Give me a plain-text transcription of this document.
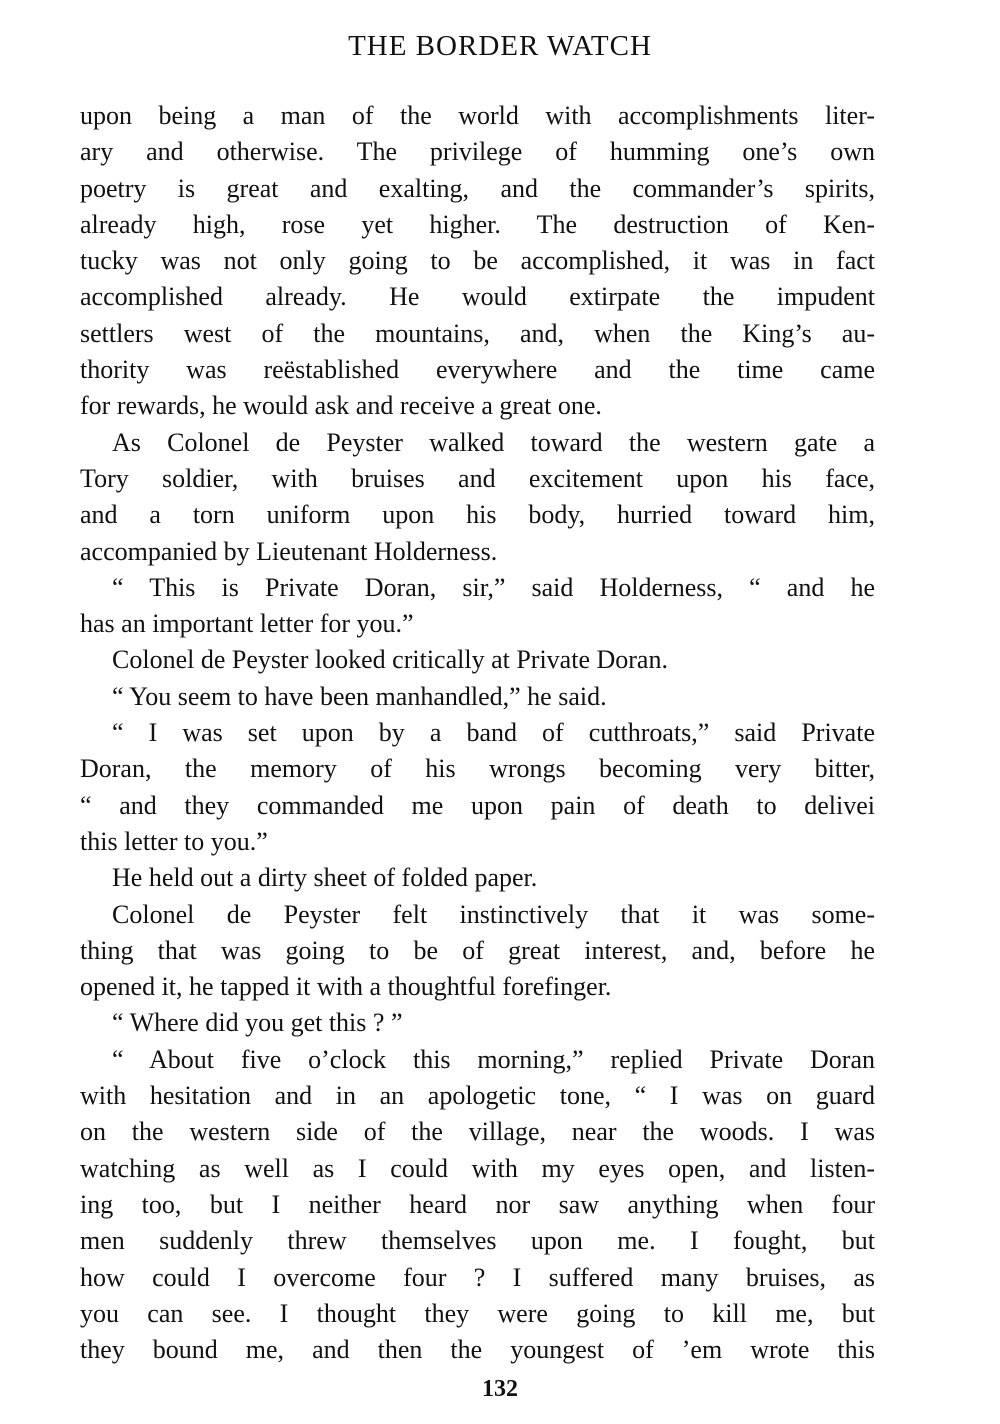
THE BORDER WATCH
upon being a man of the world with accomplishments liter-
ary and otherwise. The privilege of humming one’s own
poetry is great and exalting, and the commander’s spirits,
already high, rose yet higher. The destruction of Ken-
tucky was not only going to be accomplished, it was in fact
accomplished already. He would extirpate the impudent
settlers west of the mountains, and, when the King’s au-
thority was reëstablished everywhere and the time came
for rewards, he would ask and receive a great one.
As Colonel de Peyster walked toward the western gate a
Tory soldier, with bruises and excitement upon his face,
and a torn uniform upon his body, hurried toward him,
accompanied by Lieutenant Holderness.
“ This is Private Doran, sir,” said Holderness, “ and he
has an important letter for you.”
Colonel de Peyster looked critically at Private Doran.
“ You seem to have been manhandled,” he said.
“ I was set upon by a band of cutthroats,” said Private
Doran, the memory of his wrongs becoming very bitter,
“ and they commanded me upon pain of death to delivei
this letter to you.”
He held out a dirty sheet of folded paper.
Colonel de Peyster felt instinctively that it was some-
thing that was going to be of great interest, and, before he
opened it, he tapped it with a thoughtful forefinger.
“ Where did you get this ? ”
“ About five o’clock this morning,” replied Private Doran
with hesitation and in an apologetic tone, “ I was on guard
on the western side of the village, near the woods. I was
watching as well as I could with my eyes open, and listen-
ing too, but I neither heard nor saw anything when four
men suddenly threw themselves upon me. I fought, but
how could I overcome four ? I suffered many bruises, as
you can see. I thought they were going to kill me, but
they bound me, and then the youngest of ’em wrote this
132
